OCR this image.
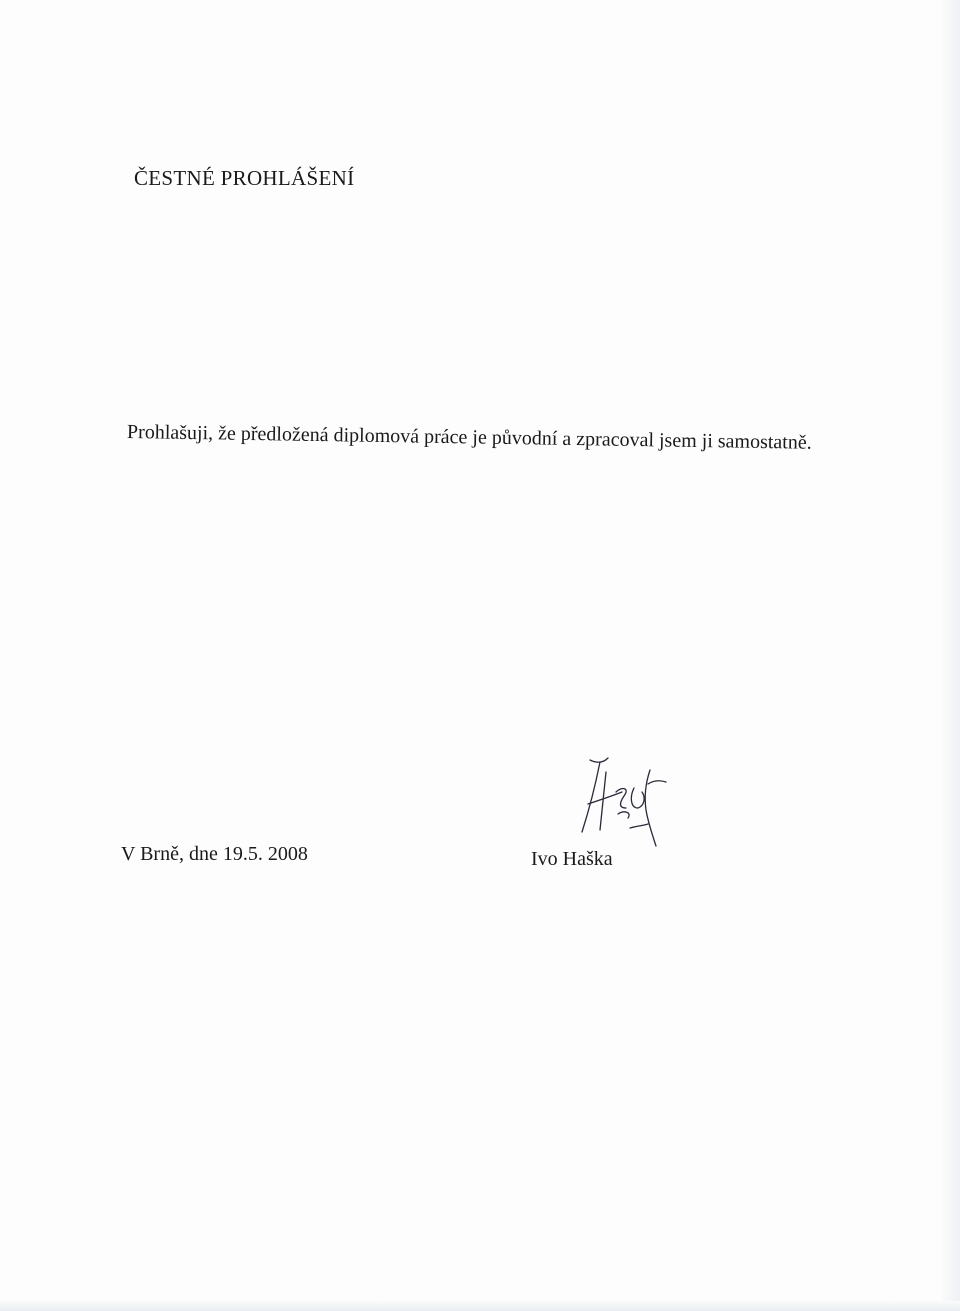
ČESTNÉ PROHLÁŠENÍ
Prohlašuji, že předložená diplomová práce je původní a zpracoval jsem ji samostatně.
V Brně, dne 19.5. 2008	Ivo Haška
